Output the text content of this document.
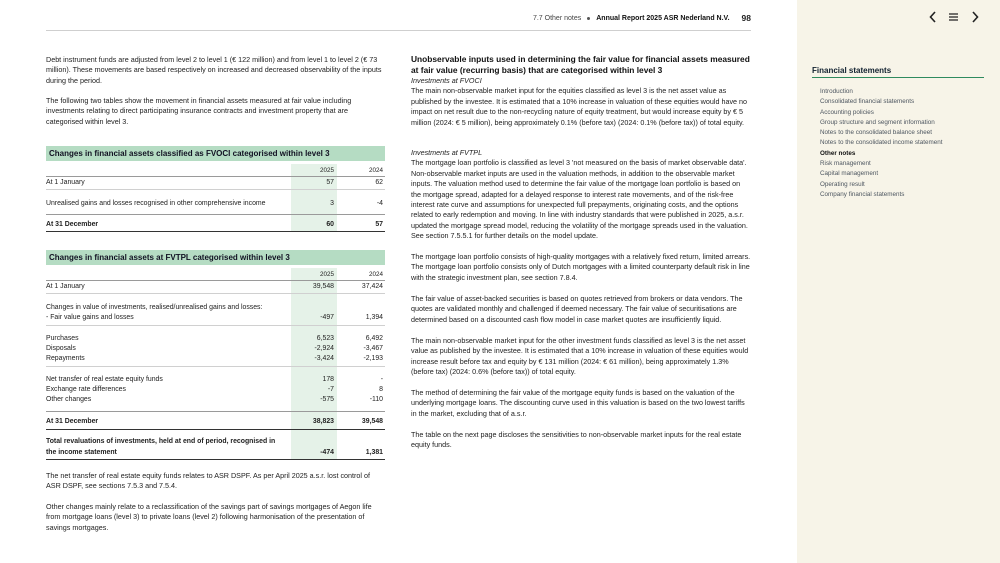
7.7 Other notes Annual Report 2025 ASR Nederland N.V. 98

Debt instrument funds are adjusted from level 2 to level 1 (€ 122 million) and from level 1 to level 2 (€ 73 million). These movements are based respectively on increased and decreased observability of the inputs during the period.

The following two tables show the movement in financial assets measured at fair value including investments relating to direct participating insurance contracts and investment property that are categorised within level 3.

Changes in financial assets classified as FVOCI categorised within level 3
2025	2024
At 1 January	57	62
Unrealised gains and losses recognised in other comprehensive income	3	-4
At 31 December	60	57
Changes in financial assets at FVTPL categorised within level 3
2025	2024
At 1 January	39,548	37,424
Changes in value of investments, realised/unrealised gains and losses:
- Fair value gains and losses	-497	1,394
Purchases	6,523	6,492
Disposals	-2,924	-3,467
Repayments	-3,424	-2,193
Net transfer of real estate equity funds	178	-
Exchange rate differences	-7	8
Other changes	-575	-110
At 31 December	38,823	39,548
Total revaluations of investments, held at end of period, recognised in
the income statement	-474	1,381

The net transfer of real estate equity funds relates to ASR DSPF. As per April 2025 a.s.r. lost control of ASR DSPF, see sections 7.5.3 and 7.5.4.

Other changes mainly relate to a reclassification of the savings part of savings mortgages of Aegon life from mortgage loans (level 3) to private loans (level 2) following harmonisation of the presentation of savings mortgages.

Unobservable inputs used in determining the fair value for financial assets measured at fair value (recurring basis) that are categorised within level 3

Investments at FVOCI
The main non-observable market input for the equities classified as level 3 is the net asset value as published by the investee. It is estimated that a 10% increase in valuation of these equities would have no impact on net result due to the non-recycling nature of equity treatment, but would increase equity by € 5 million (2024: € 5 million), being approximately 0.1% (before tax) (2024: 0.1% (before tax)) of total equity.
Investments at FVTPL
The mortgage loan portfolio is classified as level 3 'not measured on the basis of market observable data'. Non-observable market inputs are used in the valuation methods, in addition to the observable market inputs. The valuation method used to determine the fair value of the mortgage loan portfolio is based on the mortgage spread, adapted for a delayed response to interest rate movements, and of the risk-free interest rate curve and assumptions for unexpected full prepayments, originating costs, and the options related to early redemption and moving. In line with industry standards that were published in 2025, a.s.r. updated the mortgage spread model, reducing the volatility of the mortgage spreads used in the valuation. See section 7.5.5.1 for further details on the model update.

The mortgage loan portfolio consists of high-quality mortgages with a relatively fixed return, limited arrears. The mortgage loan portfolio consists only of Dutch mortgages with a limited counterparty default risk in line with the strategic investment plan, see section 7.8.4.

The fair value of asset-backed securities is based on quotes retrieved from brokers or data vendors. The quotes are validated monthly and challenged if deemed necessary. The fair value of securitisations are determined based on a discounted cash flow model in case market quotes are insufficiently liquid.

The main non-observable market input for the other investment funds classified as level 3 is the net asset value as published by the investee. It is estimated that a 10% increase in valuation of these equities would increase result before tax and equity by € 131 million (2024: € 61 million), being approximately 1.3% (before tax) (2024: 0.6% (before tax)) of total equity.

The method of determining the fair value of the mortgage equity funds is based on the valuation of the underlying mortgage loans. The discounting curve used in this valuation is based on the two lowest tariffs in the market, excluding that of a.s.r.

The table on the next page discloses the sensitivities to non-observable market inputs for the real estate equity funds.

Financial statements
Introduction
Consolidated financial statements
Accounting policies
Group structure and segment information
Notes to the consolidated balance sheet
Notes to the consolidated income statement
Other notes
Risk management
Capital management
Operating result
Company financial statements
